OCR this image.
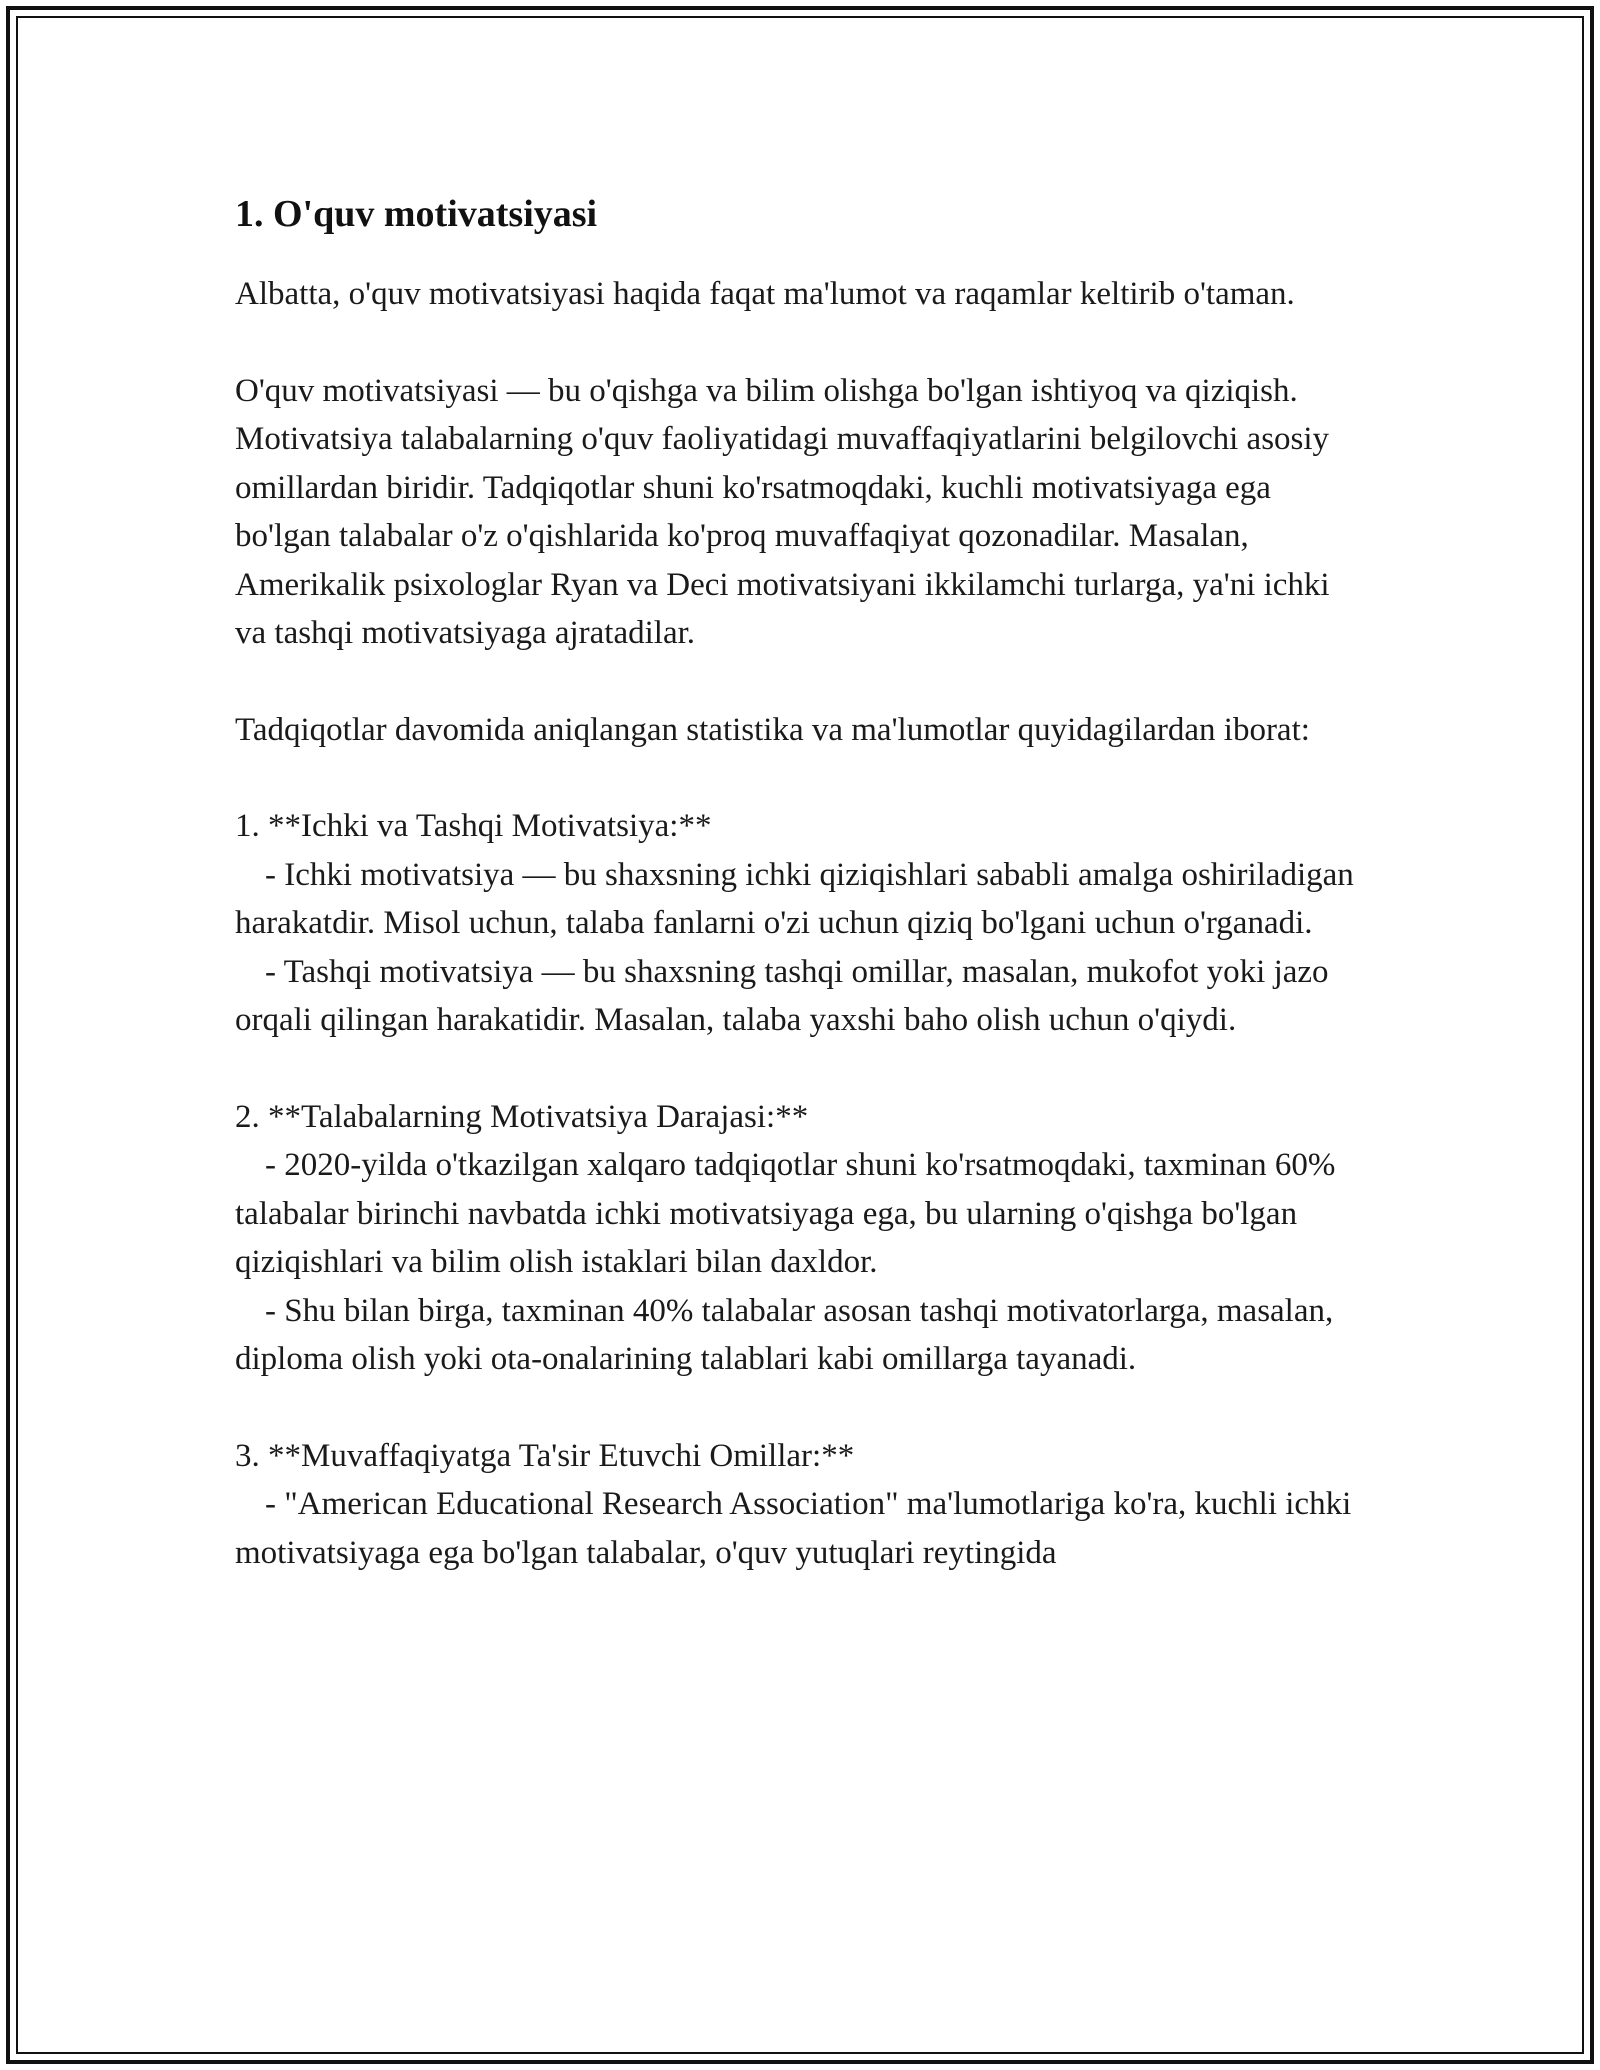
1. O'quv motivatsiyasi

Albatta, o'quv motivatsiyasi haqida faqat ma'lumot va raqamlar keltirib o'taman.

O'quv motivatsiyasi — bu o'qishga va bilim olishga bo'lgan ishtiyoq va qiziqish. Motivatsiya talabalarning o'quv faoliyatidagi muvaffaqiyatlarini belgilovchi asosiy omillardan biridir. Tadqiqotlar shuni ko'rsatmoqdaki, kuchli motivatsiyaga ega bo'lgan talabalar o'z o'qishlarida ko'proq muvaffaqiyat qozonadilar. Masalan, Amerikalik psixologlar Ryan va Deci motivatsiyani ikkilamchi turlarga, ya'ni ichki va tashqi motivatsiyaga ajratadilar.

Tadqiqotlar davomida aniqlangan statistika va ma'lumotlar quyidagilardan iborat:

1. **Ichki va Tashqi Motivatsiya:**
- Ichki motivatsiya — bu shaxsning ichki qiziqishlari sababli amalga oshiriladigan harakatdir. Misol uchun, talaba fanlarni o'zi uchun qiziq bo'lgani uchun o'rganadi.
- Tashqi motivatsiya — bu shaxsning tashqi omillar, masalan, mukofot yoki jazo orqali qilingan harakatidir. Masalan, talaba yaxshi baho olish uchun o'qiydi.
2. **Talabalarning Motivatsiya Darajasi:**
- 2020-yilda o'tkazilgan xalqaro tadqiqotlar shuni ko'rsatmoqdaki, taxminan 60% talabalar birinchi navbatda ichki motivatsiyaga ega, bu ularning o'qishga bo'lgan qiziqishlari va bilim olish istaklari bilan daxldor.
- Shu bilan birga, taxminan 40% talabalar asosan tashqi motivatorlarga, masalan, diploma olish yoki ota-onalarining talablari kabi omillarga tayanadi.
3. **Muvaffaqiyatga Ta'sir Etuvchi Omillar:**
- "American Educational Research Association" ma'lumotlariga ko'ra, kuchli ichki motivatsiyaga ega bo'lgan talabalar, o'quv yutuqlari reytingida
